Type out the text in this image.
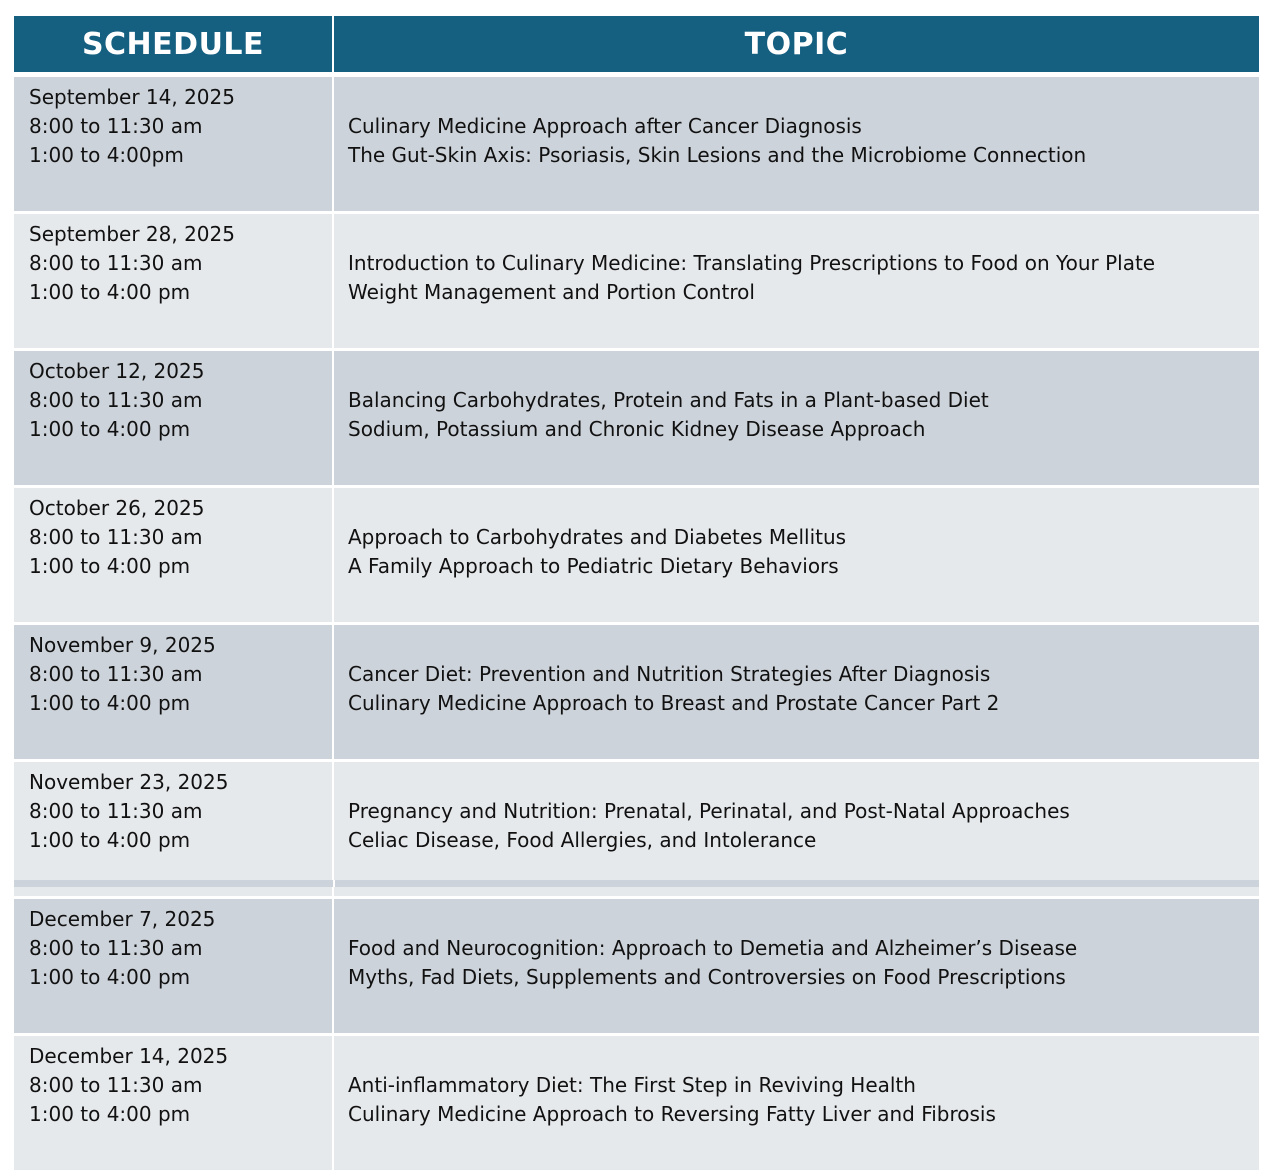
SCHEDULE	TOPIC

September 14, 2025
8:00 to 11:30 am
1:00 to 4:00pm	Culinary Medicine Approach after Cancer Diagnosis
The Gut-Skin Axis: Psoriasis, Skin Lesions and the Microbiome Connection

September 28, 2025
8:00 to 11:30 am
1:00 to 4:00 pm	Introduction to Culinary Medicine: Translating Prescriptions to Food on Your Plate
Weight Management and Portion Control

October 12, 2025
8:00 to 11:30 am
1:00 to 4:00 pm	Balancing Carbohydrates, Protein and Fats in a Plant-based Diet
Sodium, Potassium and Chronic Kidney Disease Approach

October 26, 2025
8:00 to 11:30 am
1:00 to 4:00 pm	Approach to Carbohydrates and Diabetes Mellitus
A Family Approach to Pediatric Dietary Behaviors

November 9, 2025
8:00 to 11:30 am
1:00 to 4:00 pm	Cancer Diet: Prevention and Nutrition Strategies After Diagnosis
Culinary Medicine Approach to Breast and Prostate Cancer Part 2

November 23, 2025
8:00 to 11:30 am
1:00 to 4:00 pm	Pregnancy and Nutrition: Prenatal, Perinatal, and Post-Natal Approaches
Celiac Disease, Food Allergies, and Intolerance

December 7, 2025
8:00 to 11:30 am
1:00 to 4:00 pm	Food and Neurocognition: Approach to Demetia and Alzheimer’s Disease
Myths, Fad Diets, Supplements and Controversies on Food Prescriptions

December 14, 2025
8:00 to 11:30 am
1:00 to 4:00 pm	Anti-inflammatory Diet: The First Step in Reviving Health
Culinary Medicine Approach to Reversing Fatty Liver and Fibrosis
